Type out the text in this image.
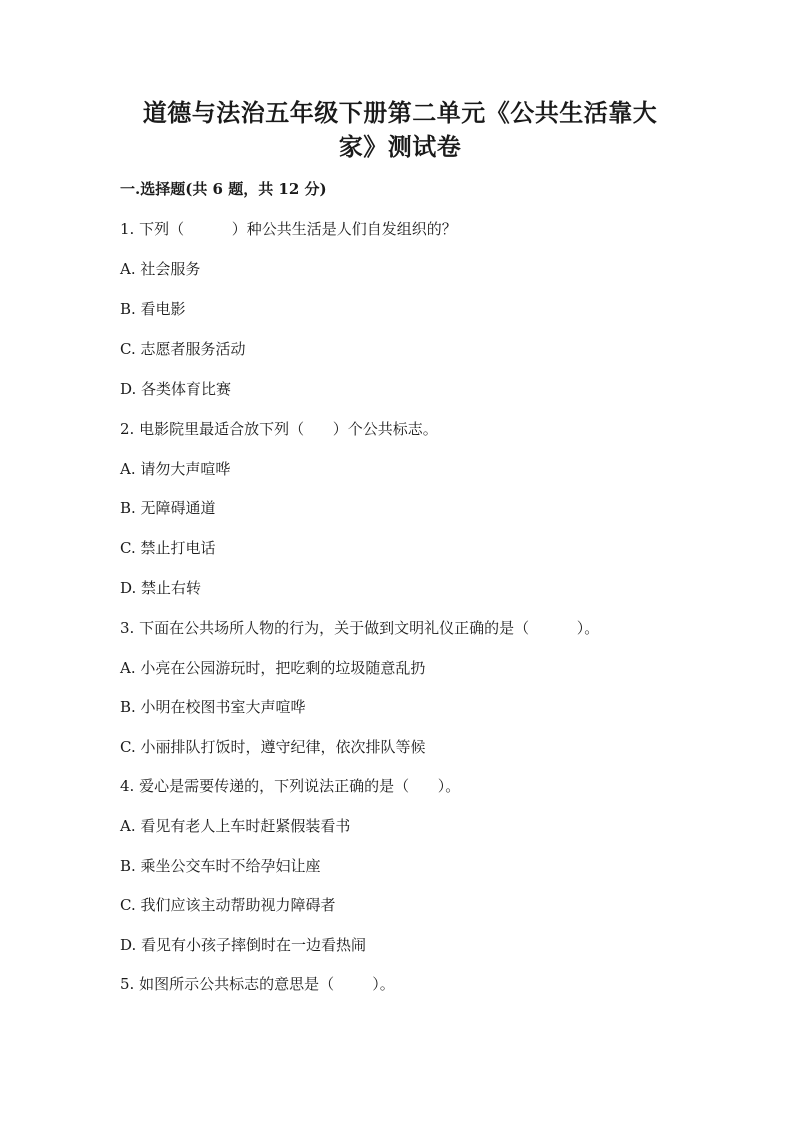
道德与法治五年级下册第二单元《公共生活靠大
家》测试卷
一.选择题(共 6 题，共 12 分)
1. 下列（          ）种公共生活是人们自发组织的？
A. 社会服务
B. 看电影
C. 志愿者服务活动
D. 各类体育比赛
2. 电影院里最适合放下列（      ）个公共标志。
A. 请勿大声喧哗
B. 无障碍通道
C. 禁止打电话
D. 禁止右转
3. 下面在公共场所人物的行为，关于做到文明礼仪正确的是（          ）。
A. 小亮在公园游玩时，把吃剩的垃圾随意乱扔
B. 小明在校图书室大声喧哗
C. 小丽排队打饭时，遵守纪律，依次排队等候
4. 爱心是需要传递的，下列说法正确的是（      ）。
A. 看见有老人上车时赶紧假装看书
B. 乘坐公交车时不给孕妇让座
C. 我们应该主动帮助视力障碍者
D. 看见有小孩子摔倒时在一边看热闹
5. 如图所示公共标志的意思是（        ）。
